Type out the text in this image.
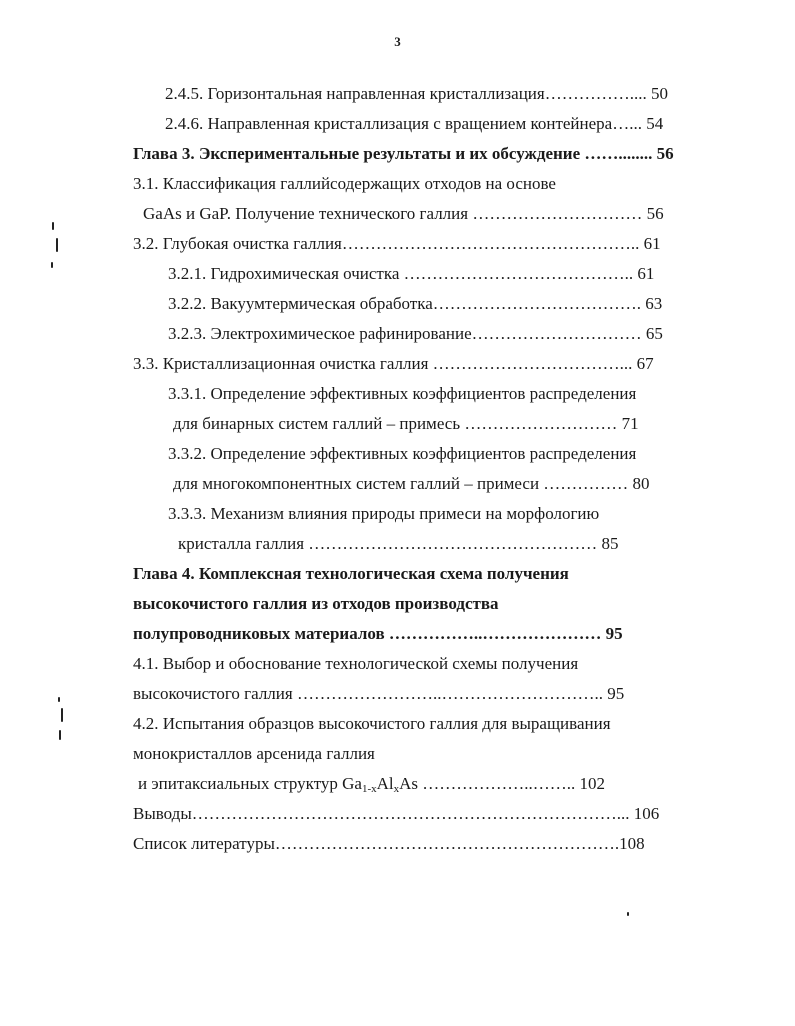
3
2.4.5. Горизонтальная направленная кристаллизация…………….... 50
2.4.6. Направленная кристаллизация с вращением контейнера…... 54
Глава 3. Экспериментальные результаты и их обсуждение ……........ 56
3.1. Классификация галлийсодержащих отходов на основе
GaAs и GaP. Получение технического галлия ………………………… 56
3.2. Глубокая очистка галлия…………………………………………….. 61
3.2.1. Гидрохимическая очистка ………………………………….. 61
3.2.2. Вакуумтермическая обработка………………………………. 63
3.2.3. Электрохимическое рафинирование………………………… 65
3.3. Кристаллизационная очистка галлия ……………………………... 67
3.3.1. Определение эффективных коэффициентов распределения
для бинарных систем галлий – примесь ……………………… 71
3.3.2. Определение эффективных коэффициентов распределения
для многокомпонентных систем галлий – примеси …………… 80
3.3.3. Механизм влияния природы примеси на морфологию
кристалла галлия …………………………………………… 85
Глава 4. Комплексная технологическая схема получения
высокочистого галлия из отходов производства
полупроводниковых материалов ……………..………………… 95
4.1. Выбор и обоснование технологической схемы получения
высокочистого галлия ……………………..……………………….. 95
4.2. Испытания образцов высокочистого галлия для выращивания
монокристаллов арсенида галлия
и эпитаксиальных структур $Ga_{1-x}Al_xAs$ ………………..…….. 102
Выводы…………………………………………………………………... 106
Список литературы…………………………………………………….108
